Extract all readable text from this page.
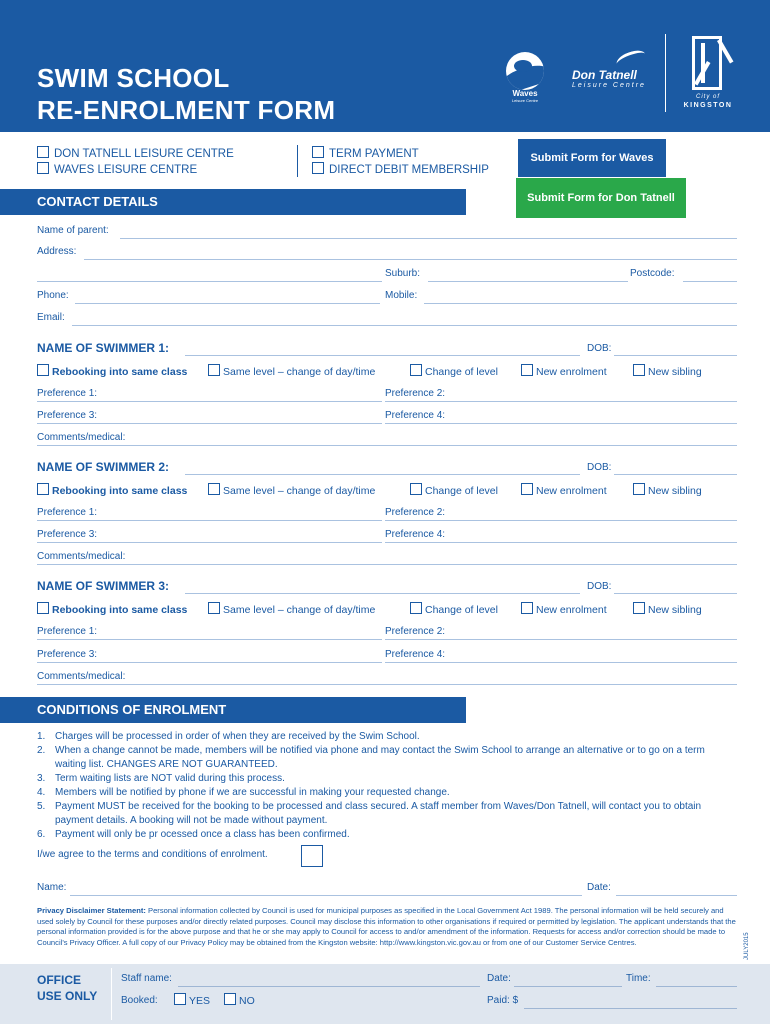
SWIM SCHOOL
RE-ENROLMENT FORM
Waves
Leisure Centre
Don Tatnell
Leisure Centre
City of
KINGSTON
DON TATNELL LEISURE CENTRE
WAVES LEISURE CENTRE
TERM PAYMENT
DIRECT DEBIT MEMBERSHIP
Submit Form for Waves
Submit Form for Don Tatnell
CONTACT DETAILS
Name of parent:
Address:
Suburb:	Postcode:
Phone:	Mobile:
Email:
NAME OF SWIMMER 1:	DOB:
Rebooking into same class	Same level – change of day/time	Change of level	New enrolment	New sibling
Preference 1:	Preference 2:
Preference 3:	Preference 4:
Comments/medical:
NAME OF SWIMMER 2:	DOB:
Rebooking into same class	Same level – change of day/time	Change of level	New enrolment	New sibling
Preference 1:	Preference 2:
Preference 3:	Preference 4:
Comments/medical:
NAME OF SWIMMER 3:	DOB:
Rebooking into same class	Same level – change of day/time	Change of level	New enrolment	New sibling
Preference 1:	Preference 2:
Preference 3:	Preference 4:
Comments/medical:
CONDITIONS OF ENROLMENT
1. Charges will be processed in order of when they are received by the Swim School.
2. When a change cannot be made, members will be notified via phone and may contact the Swim School to arrange an alternative or to go on a term waiting list. CHANGES ARE NOT GUARANTEED.
3. Term waiting lists are NOT valid during this process.
4. Members will be notified by phone if we are successful in making your requested change.
5. Payment MUST be received for the booking to be processed and class secured. A staff member from Waves/Don Tatnell, will contact you to obtain payment details. A booking will not be made without payment.
6. Payment will only be pr ocessed once a class has been confirmed.
I/we agree to the terms and conditions of enrolment.
Name:	Date:
Privacy Disclaimer Statement: Personal information collected by Council is used for municipal purposes as specified in the Local Government Act 1989. The personal information will be held securely and used solely by Council for these purposes and/or directly related purposes. Council may disclose this information to other organisations if required or permitted by legislation. The applicant understands that the personal information provided is for the above purpose and that he or she may apply to Council for access to and/or amendment of the information. Requests for access and/or correction should be made to Council's Privacy Officer. A full copy of our Privacy Policy may be obtained from the Kingston website: http://www.kingston.vic.gov.au or from one of our Customer Service Centres.	JULY2015
OFFICE
USE ONLY
Staff name:	Date:	Time:
Booked:	YES	NO	Paid: $
